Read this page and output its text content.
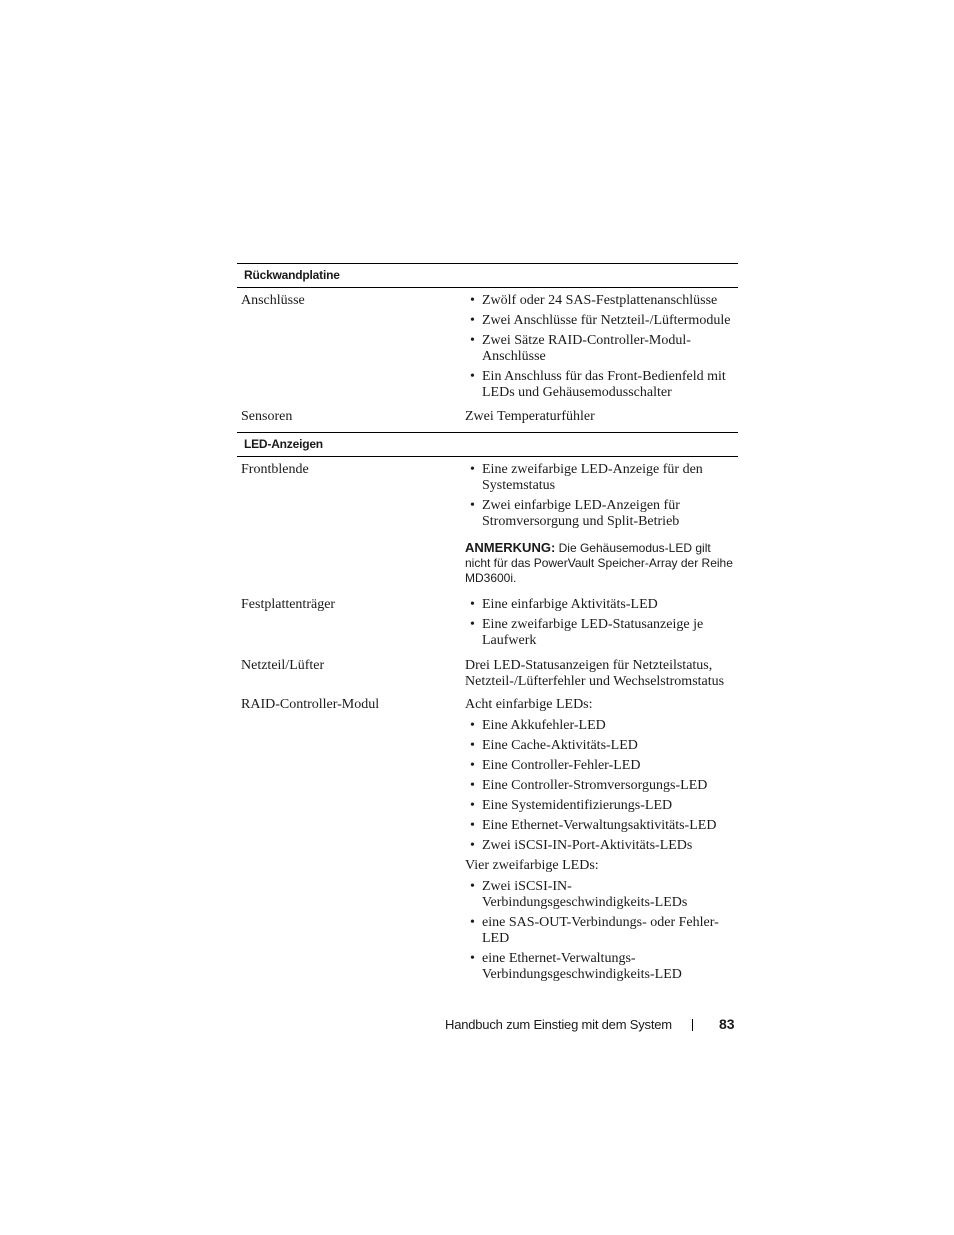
Rückwandplatine
Anschlüsse	• Zwölf oder 24 SAS-Festplattenanschlüsse
• Zwei Anschlüsse für Netzteil-/Lüftermodule
• Zwei Sätze RAID-Controller-Modul-Anschlüsse
• Ein Anschluss für das Front-Bedienfeld mit LEDs und Gehäusemodusschalter
Sensoren	Zwei Temperaturfühler
LED-Anzeigen
Frontblende	• Eine zweifarbige LED-Anzeige für den Systemstatus
• Zwei einfarbige LED-Anzeigen für Stromversorgung und Split-Betrieb
ANMERKUNG: Die Gehäusemodus-LED gilt nicht für das PowerVault Speicher-Array der Reihe MD3600i.
Festplattenträger	• Eine einfarbige Aktivitäts-LED
• Eine zweifarbige LED-Statusanzeige je Laufwerk
Netzteil/Lüfter	Drei LED-Statusanzeigen für Netzteilstatus, Netzteil-/Lüfterfehler und Wechselstromstatus
RAID-Controller-Modul	Acht einfarbige LEDs:
• Eine Akkufehler-LED
• Eine Cache-Aktivitäts-LED
• Eine Controller-Fehler-LED
• Eine Controller-Stromversorgungs-LED
• Eine Systemidentifizierungs-LED
• Eine Ethernet-Verwaltungsaktivitäts-LED
• Zwei iSCSI-IN-Port-Aktivitäts-LEDs
Vier zweifarbige LEDs:
• Zwei iSCSI-IN-Verbindungsgeschwindigkeits-LEDs
• eine SAS-OUT-Verbindungs- oder Fehler-LED
• eine Ethernet-Verwaltungs-Verbindungsgeschwindigkeits-LED
Handbuch zum Einstieg mit dem System	83
